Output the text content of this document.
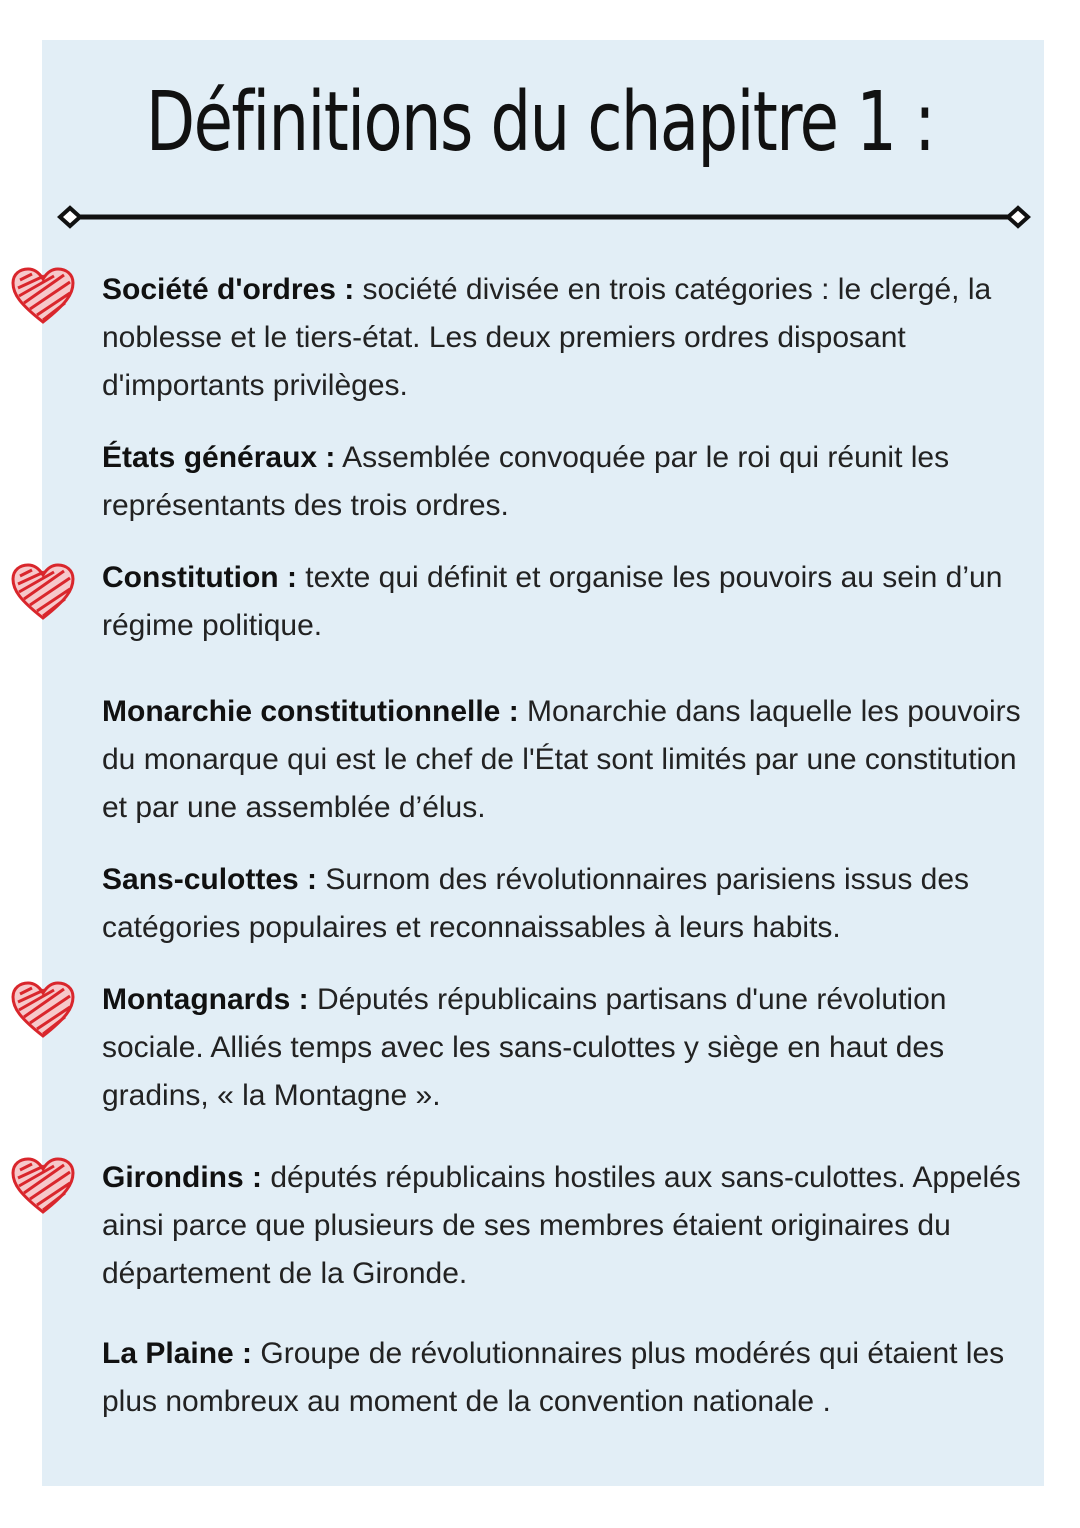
Définitions du chapitre 1 :
Société d'ordres : société divisée en trois catégories : le clergé, la noblesse et le tiers-état. Les deux premiers ordres disposant d'importants privilèges.
États généraux : Assemblée convoquée par le roi qui réunit les représentants des trois ordres.
Constitution : texte qui définit et organise les pouvoirs au sein d’un régime politique.
Monarchie constitutionnelle : Monarchie dans laquelle les pouvoirs du monarque qui est le chef de l'État sont limités par une constitution et par une assemblée d’élus.
Sans-culottes : Surnom des révolutionnaires parisiens issus des catégories populaires et reconnaissables à leurs habits.
Montagnards : Députés républicains partisans d'une révolution sociale. Alliés temps avec les sans-culottes y siège en haut des gradins, « la Montagne ».
Girondins : députés républicains hostiles aux sans-culottes. Appelés ainsi parce que plusieurs de ses membres étaient originaires du département de la Gironde.
La Plaine : Groupe de révolutionnaires plus modérés qui étaient les plus nombreux au moment de la convention nationale .
